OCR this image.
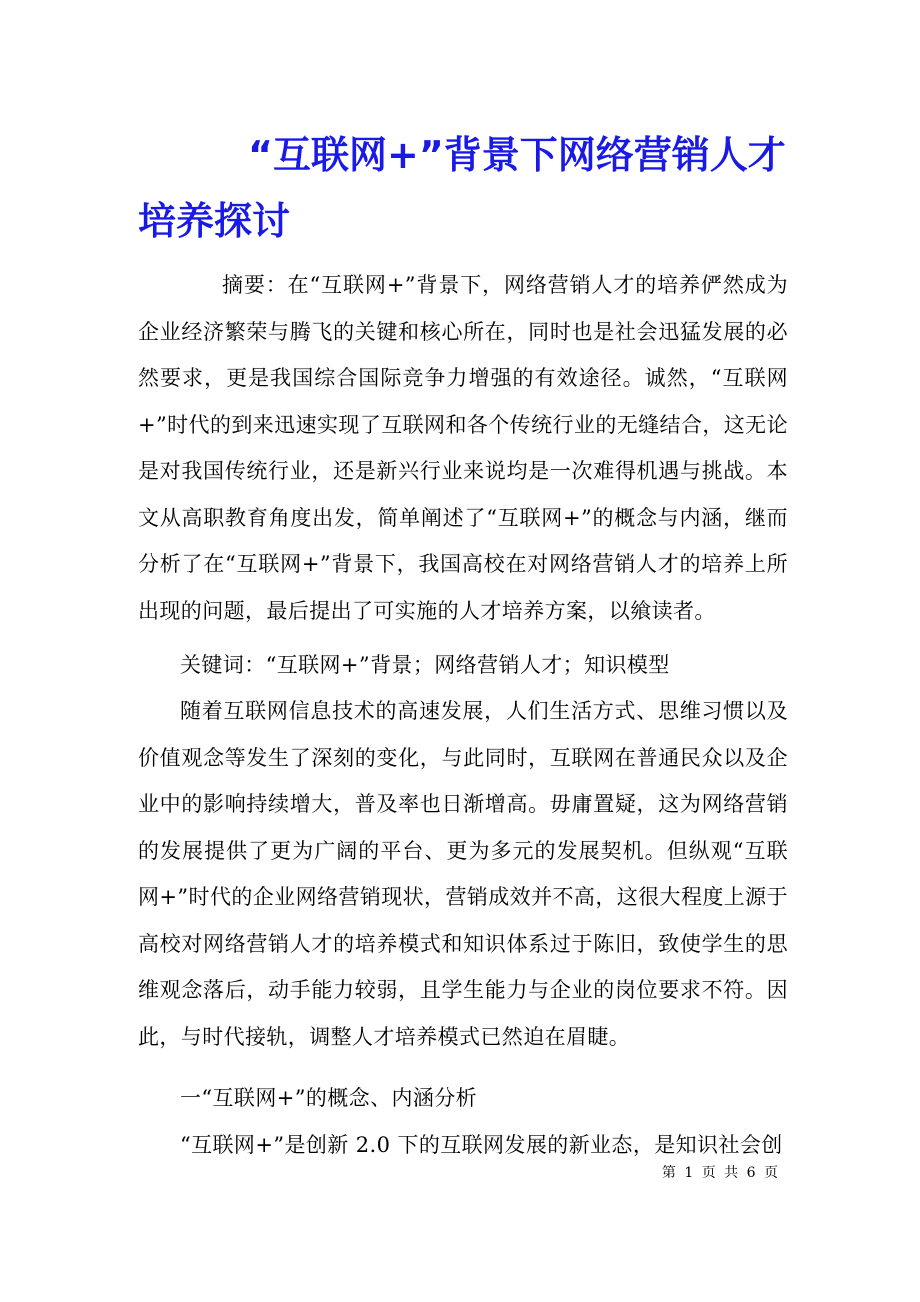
“互联网+”背景下网络营销人才培养探讨

摘要：在“互联网+”背景下，网络营销人才的培养俨然成为企业经济繁荣与腾飞的关键和核心所在，同时也是社会迅猛发展的必然要求，更是我国综合国际竞争力增强的有效途径。诚然，“互联网+”时代的到来迅速实现了互联网和各个传统行业的无缝结合，这无论是对我国传统行业，还是新兴行业来说均是一次难得机遇与挑战。本文从高职教育角度出发，简单阐述了“互联网+”的概念与内涵，继而分析了在“互联网+”背景下，我国高校在对网络营销人才的培养上所出现的问题，最后提出了可实施的人才培养方案，以飨读者。

关键词：“互联网+”背景；网络营销人才；知识模型

随着互联网信息技术的高速发展，人们生活方式、思维习惯以及价值观念等发生了深刻的变化，与此同时，互联网在普通民众以及企业中的影响持续增大，普及率也日渐增高。毋庸置疑，这为网络营销的发展提供了更为广阔的平台、更为多元的发展契机。但纵观“互联网+”时代的企业网络营销现状，营销成效并不高，这很大程度上源于高校对网络营销人才的培养模式和知识体系过于陈旧，致使学生的思维观念落后，动手能力较弱，且学生能力与企业的岗位要求不符。因此，与时代接轨，调整人才培养模式已然迫在眉睫。

一“互联网+”的概念、内涵分析

“互联网+”是创新 2.0 下的互联网发展的新业态，是知识社会创

第 1 页 共 6 页
